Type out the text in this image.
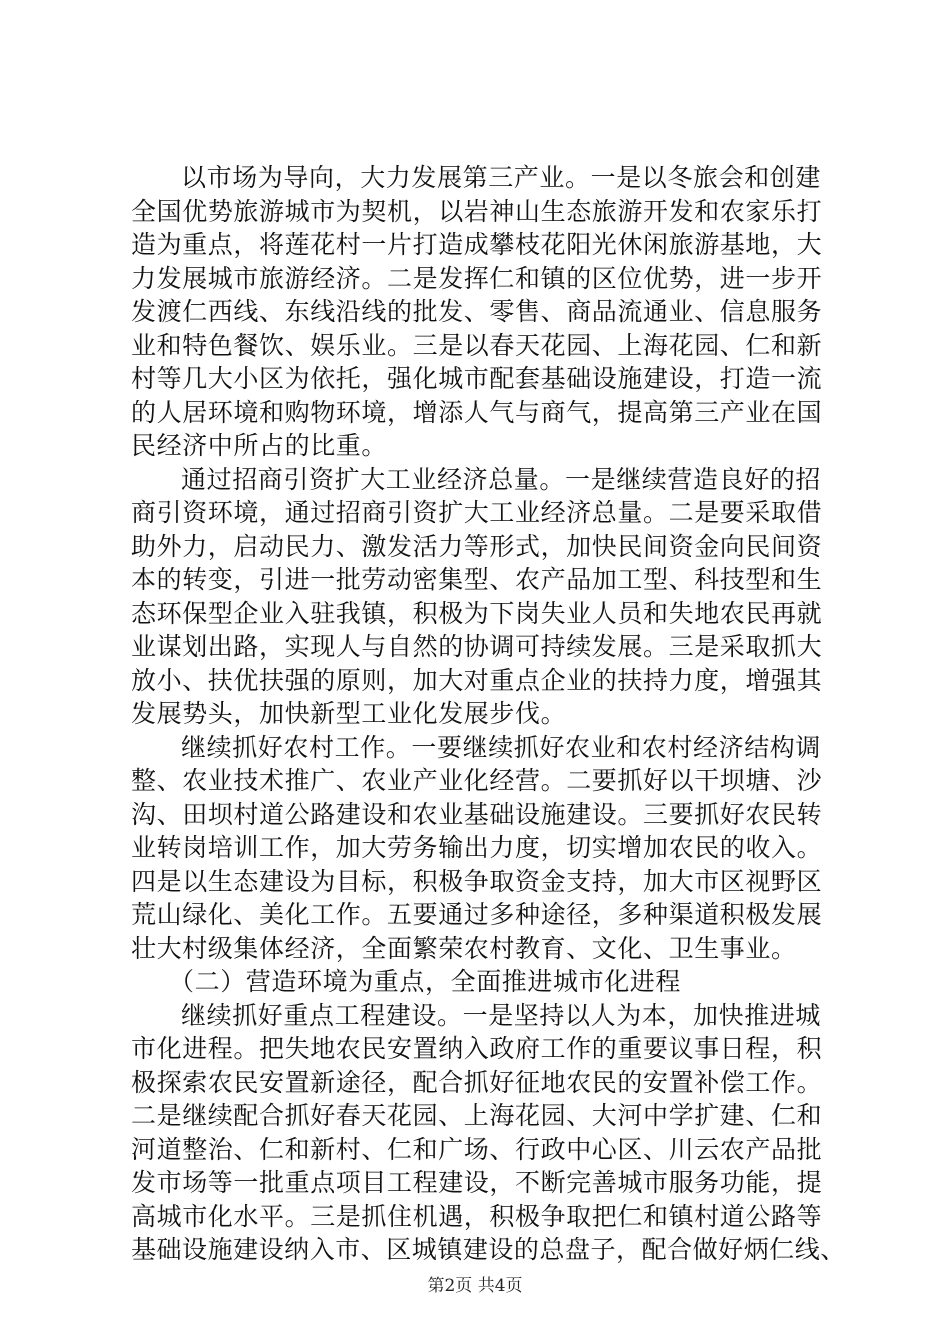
以市场为导向，大力发展第三产业。一是以冬旅会和创建
全国优势旅游城市为契机，以岩神山生态旅游开发和农家乐打
造为重点，将莲花村一片打造成攀枝花阳光休闲旅游基地，大
力发展城市旅游经济。二是发挥仁和镇的区位优势，进一步开
发渡仁西线、东线沿线的批发、零售、商品流通业、信息服务
业和特色餐饮、娱乐业。三是以春天花园、上海花园、仁和新
村等几大小区为依托，强化城市配套基础设施建设，打造一流
的人居环境和购物环境，增添人气与商气，提高第三产业在国
民经济中所占的比重。
通过招商引资扩大工业经济总量。一是继续营造良好的招
商引资环境，通过招商引资扩大工业经济总量。二是要采取借
助外力，启动民力、激发活力等形式，加快民间资金向民间资
本的转变，引进一批劳动密集型、农产品加工型、科技型和生
态环保型企业入驻我镇，积极为下岗失业人员和失地农民再就
业谋划出路，实现人与自然的协调可持续发展。三是采取抓大
放小、扶优扶强的原则，加大对重点企业的扶持力度，增强其
发展势头，加快新型工业化发展步伐。
继续抓好农村工作。一要继续抓好农业和农村经济结构调
整、农业技术推广、农业产业化经营。二要抓好以干坝塘、沙
沟、田坝村道公路建设和农业基础设施建设。三要抓好农民转
业转岗培训工作，加大劳务输出力度，切实增加农民的收入。
四是以生态建设为目标，积极争取资金支持，加大市区视野区
荒山绿化、美化工作。五要通过多种途径，多种渠道积极发展
壮大村级集体经济，全面繁荣农村教育、文化、卫生事业。
（二）营造环境为重点，全面推进城市化进程
继续抓好重点工程建设。一是坚持以人为本，加快推进城
市化进程。把失地农民安置纳入政府工作的重要议事日程，积
极探索农民安置新途径，配合抓好征地农民的安置补偿工作。
二是继续配合抓好春天花园、上海花园、大河中学扩建、仁和
河道整治、仁和新村、仁和广场、行政中心区、川云农产品批
发市场等一批重点项目工程建设，不断完善城市服务功能，提
高城市化水平。三是抓住机遇，积极争取把仁和镇村道公路等
基础设施建设纳入市、区城镇建设的总盘子，配合做好炳仁线、
第2页 共4页
